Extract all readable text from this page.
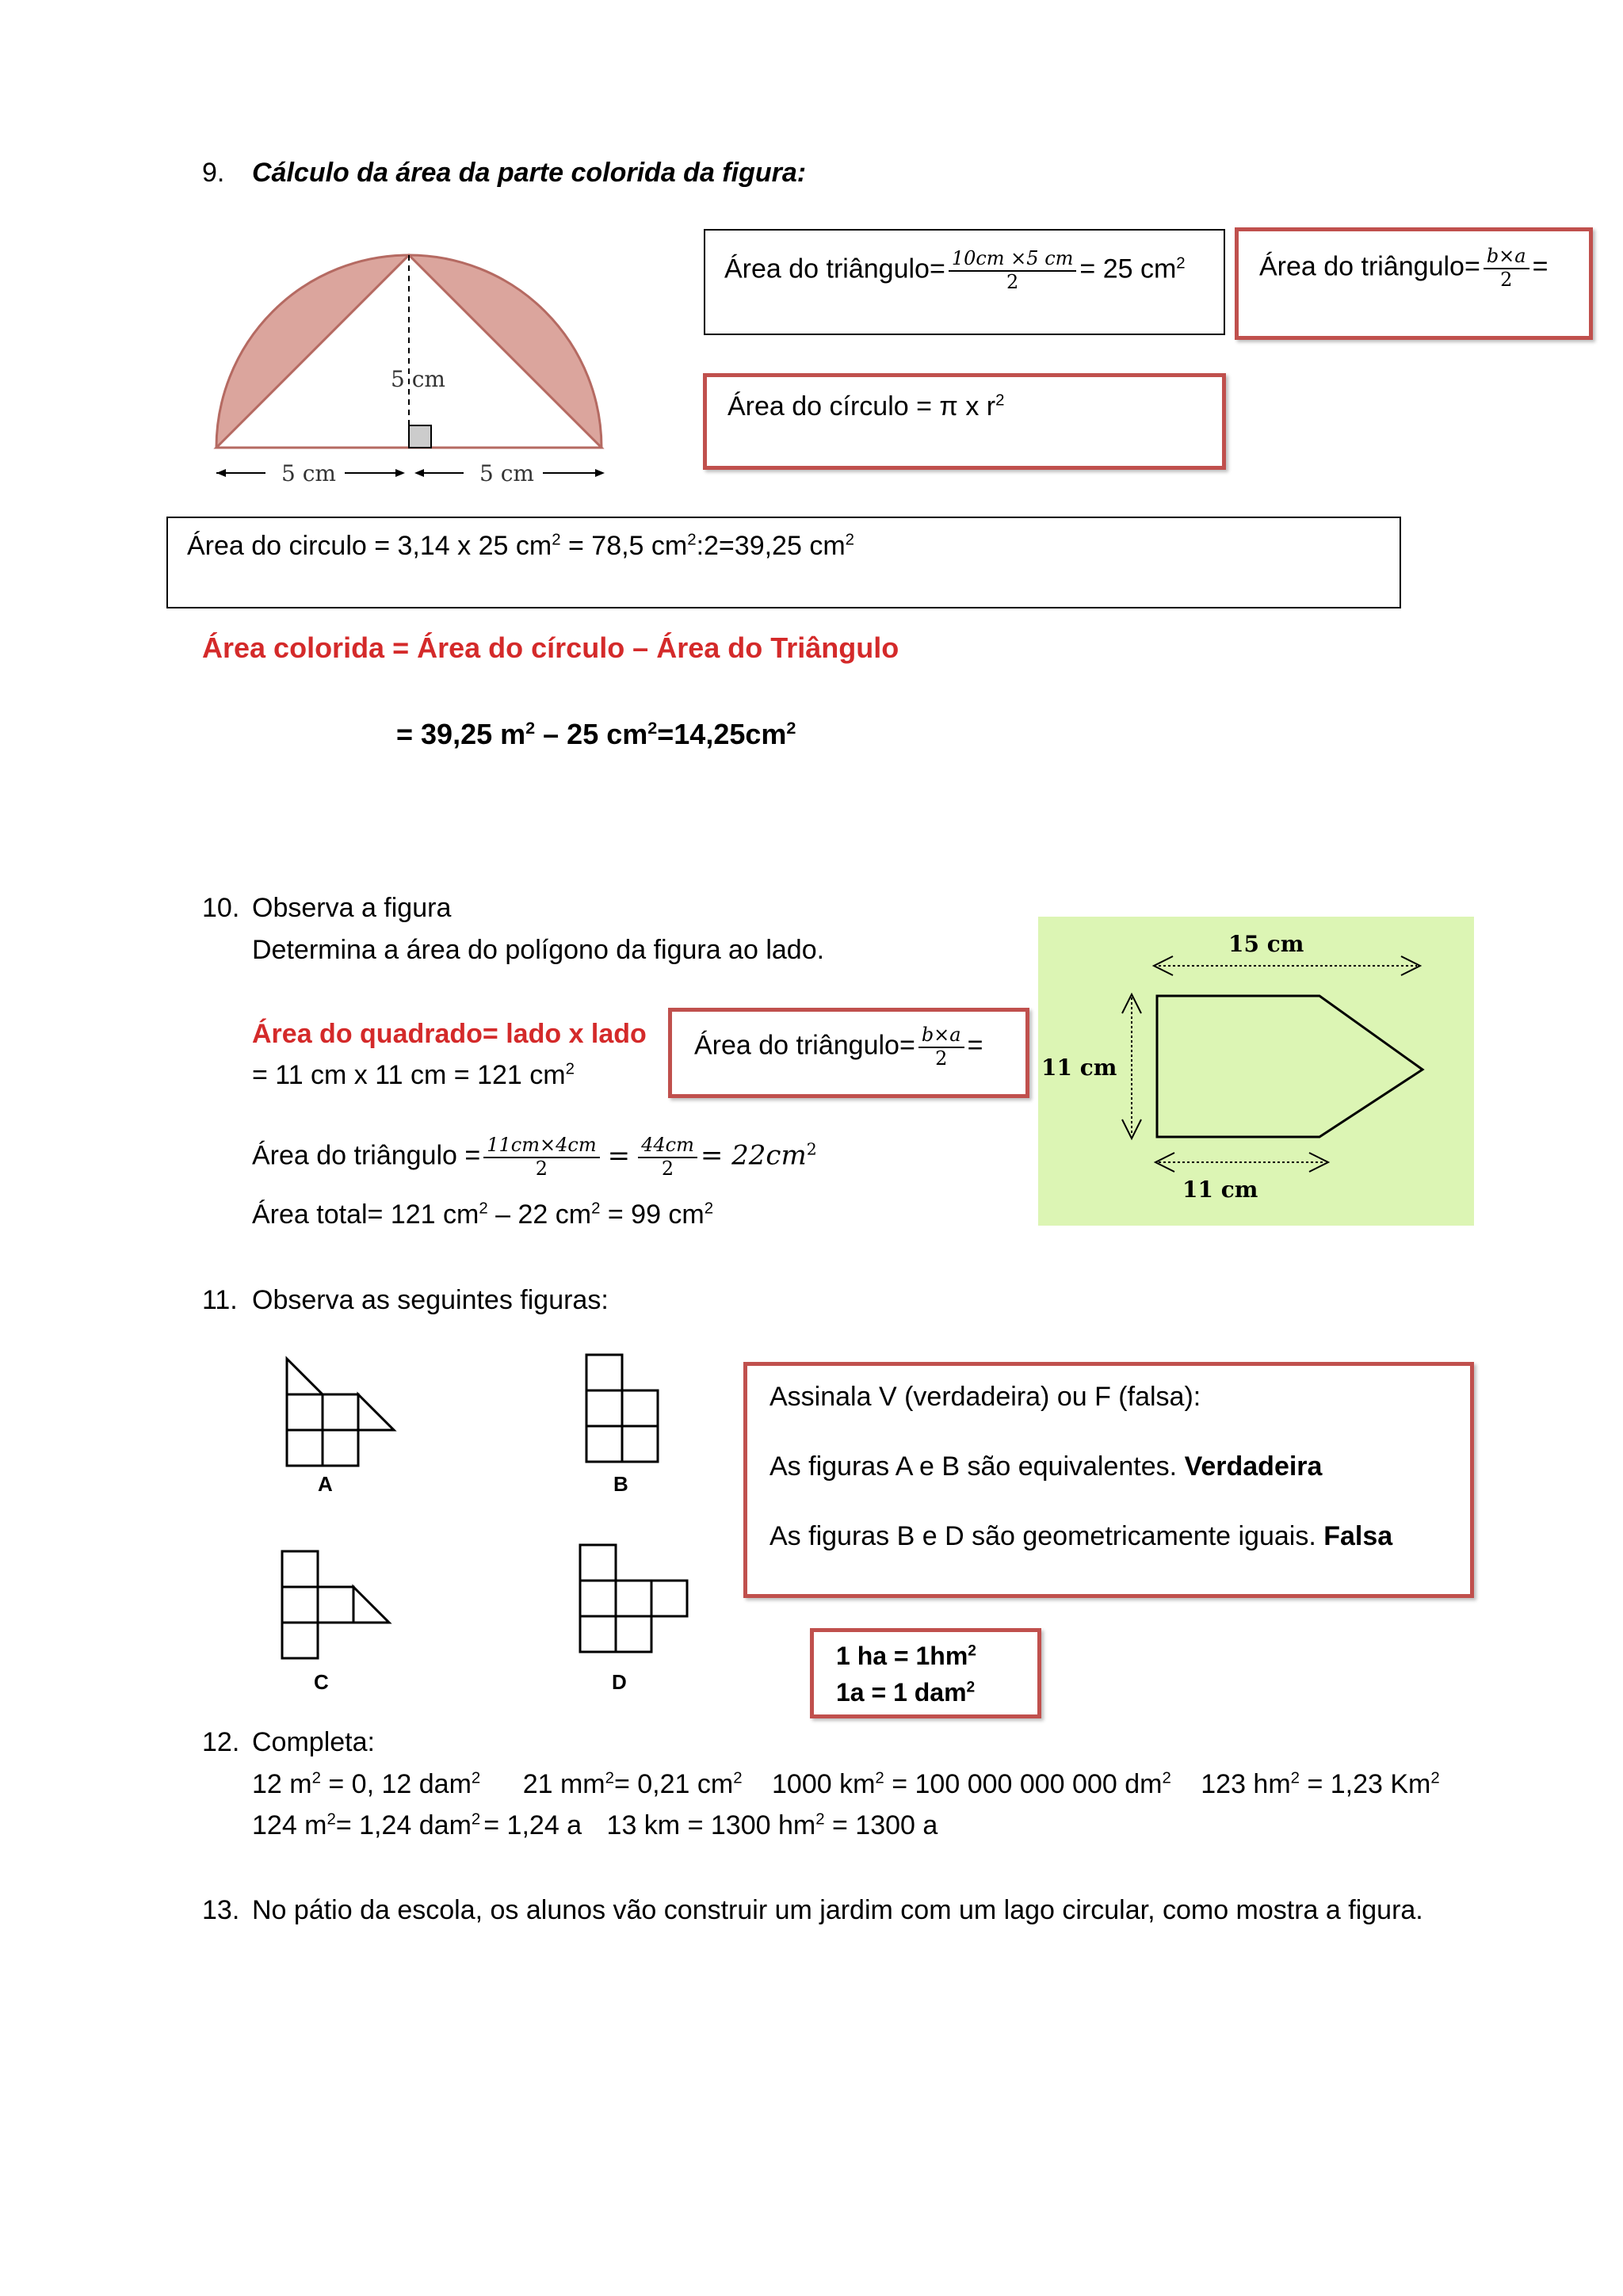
9. Cálculo da área da parte colorida da figura:
5 cm
5 cm	5 cm
Área do triângulo= $\frac{10cm \times 5 cm}{2} = 25$ $cm^2$	Área do triângulo= $\frac{b\times a}{2}$ =
Área do círculo = π x $r^2$
Área do circulo = 3,14 x 25 $cm^2 = 78,5$ $cm^2:2=39,25$ $cm^2$
Área colorida = Área do círculo – Área do Triângulo
= 39,25 $m^2 - 25$ $cm^2=14,25cm^2$
10. Observa a figura
Determina a área do polígono da figura ao lado.
Área do quadrado= lado x lado
= 11 cm x 11 cm = 121 $cm^2$
Área do triângulo= $\frac{b\times a}{2}$ =
Área do triângulo = $\frac{11cm\times 4cm}{2} = \frac{44cm}{2} = 22cm^2$
Área total= 121 $cm^2 - 22$ $cm^2 = 99$ $cm^2$
15 cm
11 cm
11 cm
11. Observa as seguintes figuras:
A	B
C	D
Assinala V (verdadeira) ou F (falsa):
As figuras A e B são equivalentes. Verdadeira
As figuras B e D são geometricamente iguais. Falsa
1 ha = $1hm^2$
1a = 1 dam$^2$
12. Completa:
12 $m^2 = 0$, 12 dam$^2$ 21 $mm^2= 0,21$ $cm^2$ 1000 $km^2 = 100$ 000 000 000 $dm^2$ 123 $hm^2 = 1,23$ Km$^2$
124 $m^2= 1,24$ dam$^2$ = 1,24 a 13 km = 1300 $hm^2 = 1300$ a
13. No pátio da escola, os alunos vão construir um jardim com um lago circular, como mostra a figura.
